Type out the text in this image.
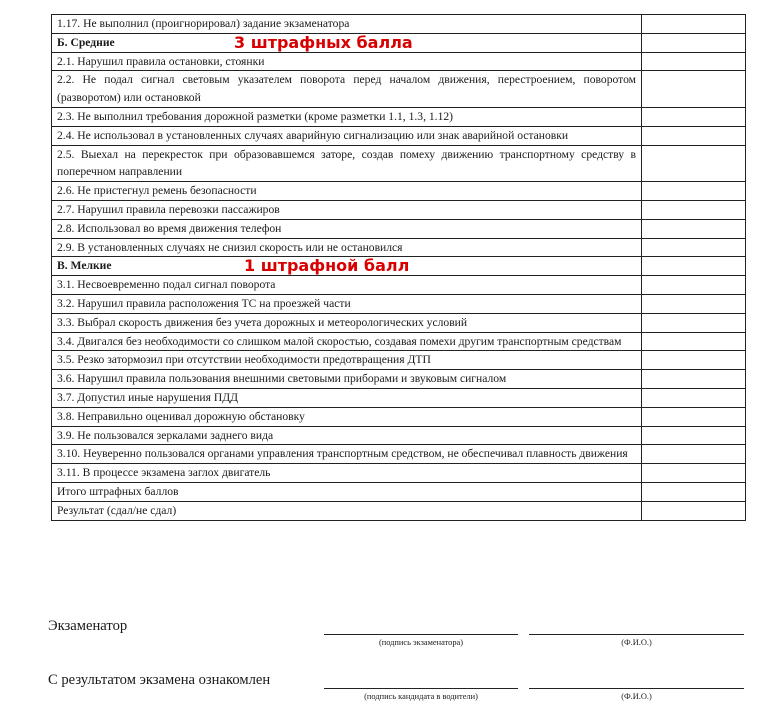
1.17. Не выполнил (проигнорировал) задание экзаменатора	
Б. Средние 3 штрафных балла	

2.1. Нарушил правила остановки, стоянки	
2.2. Не подал сигнал световым указателем поворота перед началом движения, перестроением, поворотом (разворотом) или остановкой	
2.3. Не выполнил требования дорожной разметки (кроме разметки 1.1, 1.3, 1.12)	
2.4. Не использовал в установленных случаях аварийную сигнализацию или знак аварийной остановки	
2.5. Выехал на перекресток при образовавшемся заторе, создав помеху движению транспортному средству в поперечном направлении	
2.6. Не пристегнул ремень безопасности	
2.7. Нарушил правила перевозки пассажиров	
2.8. Использовал во время движения телефон	
2.9. В установленных случаях не снизил скорость или не остановился	
В. Мелкие 1 штрафной балл	

3.1. Несвоевременно подал сигнал поворота	
3.2. Нарушил правила расположения ТС на проезжей части	
3.3. Выбрал скорость движения без учета дорожных и метеорологических условий	
3.4. Двигался без необходимости со слишком малой скоростью, создавая помехи другим транспортным средствам	
3.5. Резко затормозил при отсутствии необходимости предотвращения ДТП	
3.6. Нарушил правила пользования внешними световыми приборами и звуковым сигналом	
3.7. Допустил иные нарушения ПДД	
3.8. Неправильно оценивал дорожную обстановку	
3.9. Не пользовался зеркалами заднего вида	
3.10. Неуверенно пользовался органами управления транспортным средством, не обеспечивал плавность движения	
3.11. В процессе экзамена заглох двигатель	
Итого штрафных баллов	
Результат (сдал/не сдал)	
Экзаменатор
(подпись экзаменатора)	(Ф.И.О.)
С результатом экзамена ознакомлен
(подпись кандидата в водители)	(Ф.И.О.)
